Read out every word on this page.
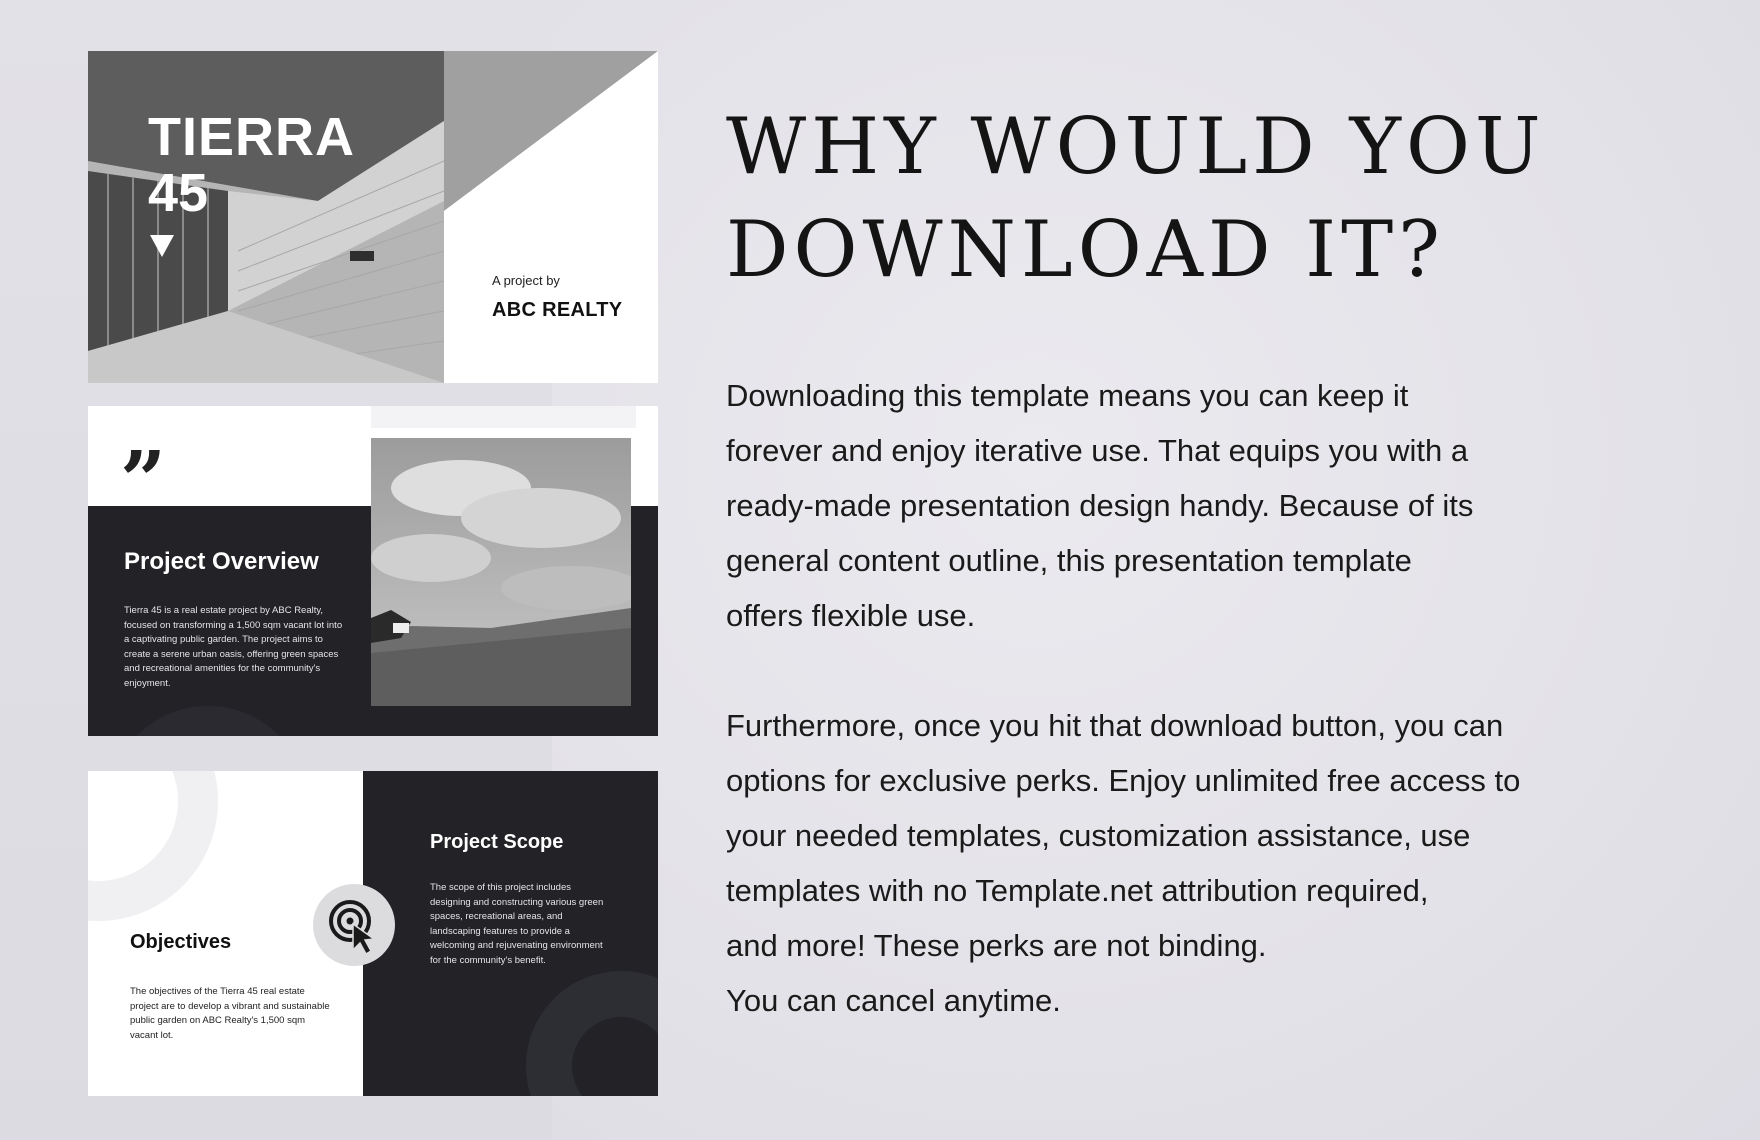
TIERRA
45
A project by
ABC REALTY
”
Project Overview
Tierra 45 is a real estate project by ABC Realty, focused on transforming a 1,500 sqm vacant lot into a captivating public garden. The project aims to create a serene urban oasis, offering green spaces and recreational amenities for the community's enjoyment.
Objectives
The objectives of the Tierra 45 real estate project are to develop a vibrant and sustainable public garden on ABC Realty's 1,500 sqm vacant lot.
Project Scope
The scope of this project includes designing and constructing various green spaces, recreational areas, and landscaping features to provide a welcoming and rejuvenating environment for the community's benefit.
WHY WOULD YOU
DOWNLOAD IT?
Downloading this template means you can keep it
forever and enjoy iterative use. That equips you with a
ready-made presentation design handy. Because of its
general content outline, this presentation template
offers flexible use.
Furthermore, once you hit that download button, you can
options for exclusive perks. Enjoy unlimited free access to
your needed templates, customization assistance, use
templates with no Template.net attribution required,
and more! These perks are not binding.
You can cancel anytime.
